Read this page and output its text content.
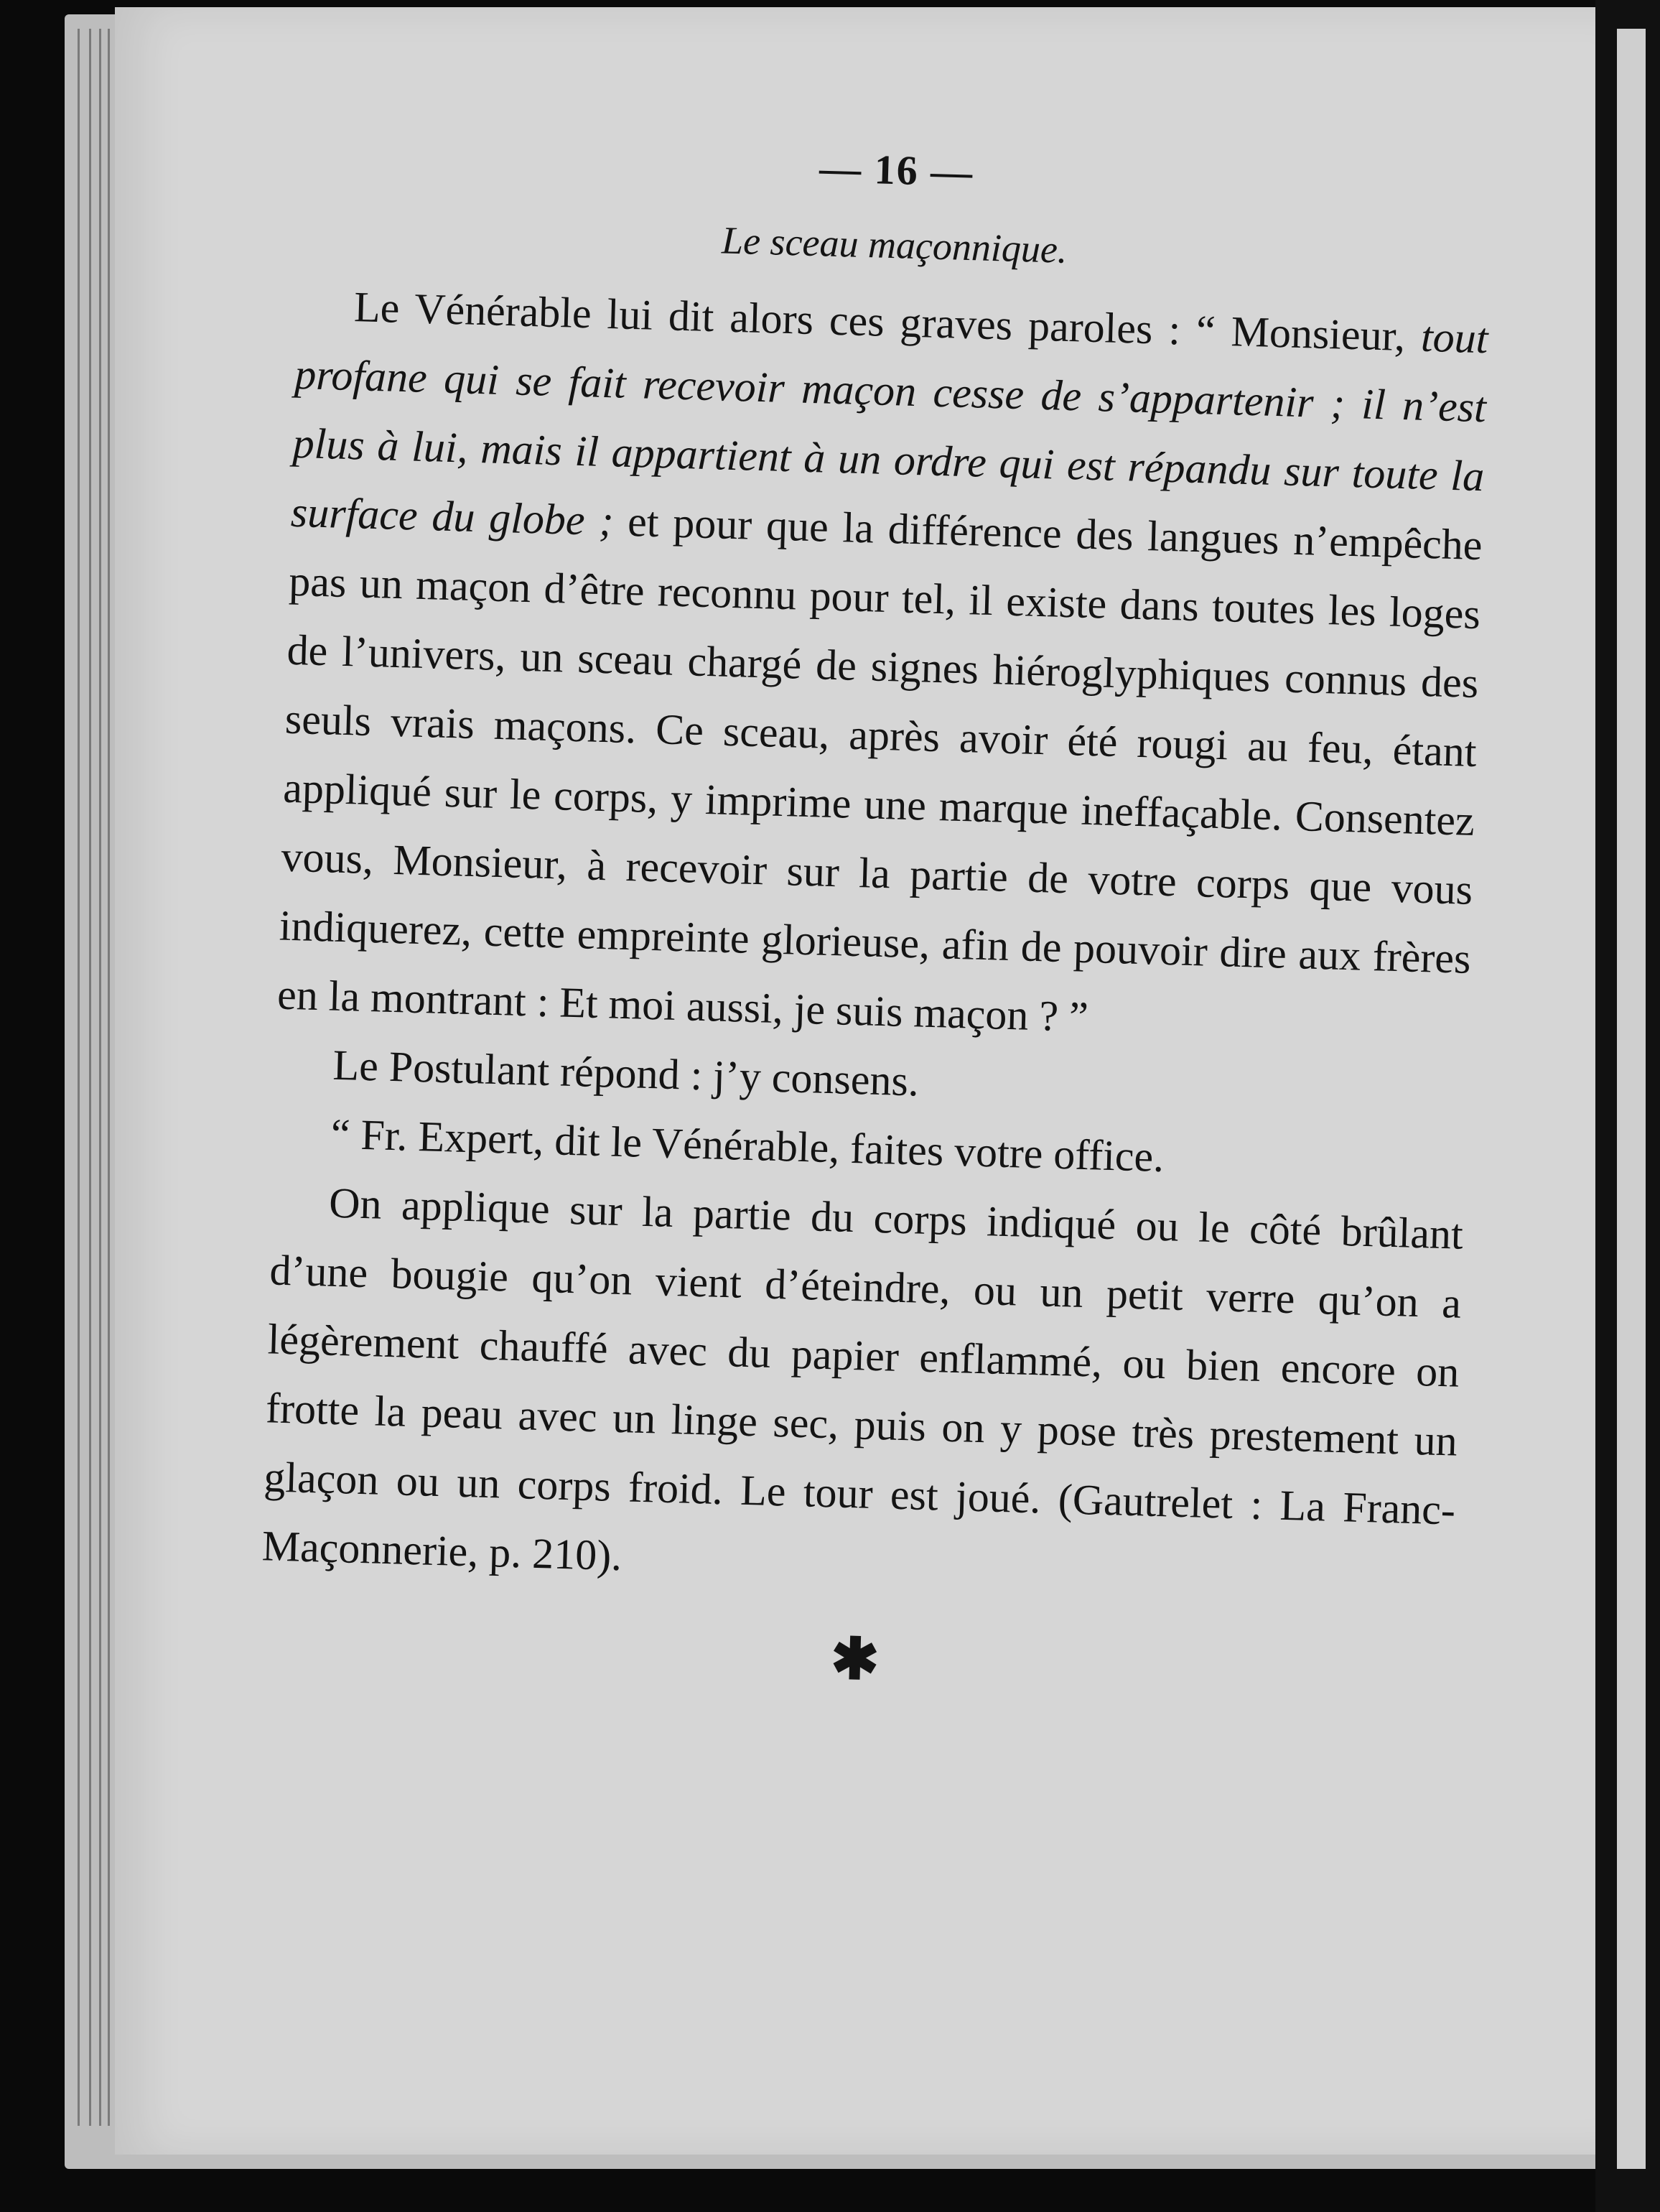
— 16 —
Le sceau maçonnique.

Le Vénérable lui dit alors ces graves paroles : “ Monsieur, tout profane qui se fait recevoir maçon cesse de s’appartenir ; il n’est plus à lui, mais il appartient à un ordre qui est répandu sur toute la surface du globe ; et pour que la différence des langues n’empêche pas un maçon d’être reconnu pour tel, il existe dans toutes les loges de l’univers, un sceau chargé de signes hiéroglyphiques connus des seuls vrais maçons. Ce sceau, après avoir été rougi au feu, étant appliqué sur le corps, y imprime une marque ineffaçable. Consentez vous, Monsieur, à recevoir sur la partie de votre corps que vous indiquerez, cette empreinte glorieuse, afin de pouvoir dire aux frères en la montrant : Et moi aussi, je suis maçon ? ”

Le Postulant répond : j’y consens.

“ Fr. Expert, dit le Vénérable, faites votre office.

On applique sur la partie du corps indiqué ou le côté brûlant d’une bougie qu’on vient d’éteindre, ou un petit verre qu’on a légèrement chauffé avec du papier enflammé, ou bien encore on frotte la peau avec un linge sec, puis on y pose très prestement un glaçon ou un corps froid. Le tour est joué. (Gautrelet : La Franc-Maçonnerie, p. 210).

✱
